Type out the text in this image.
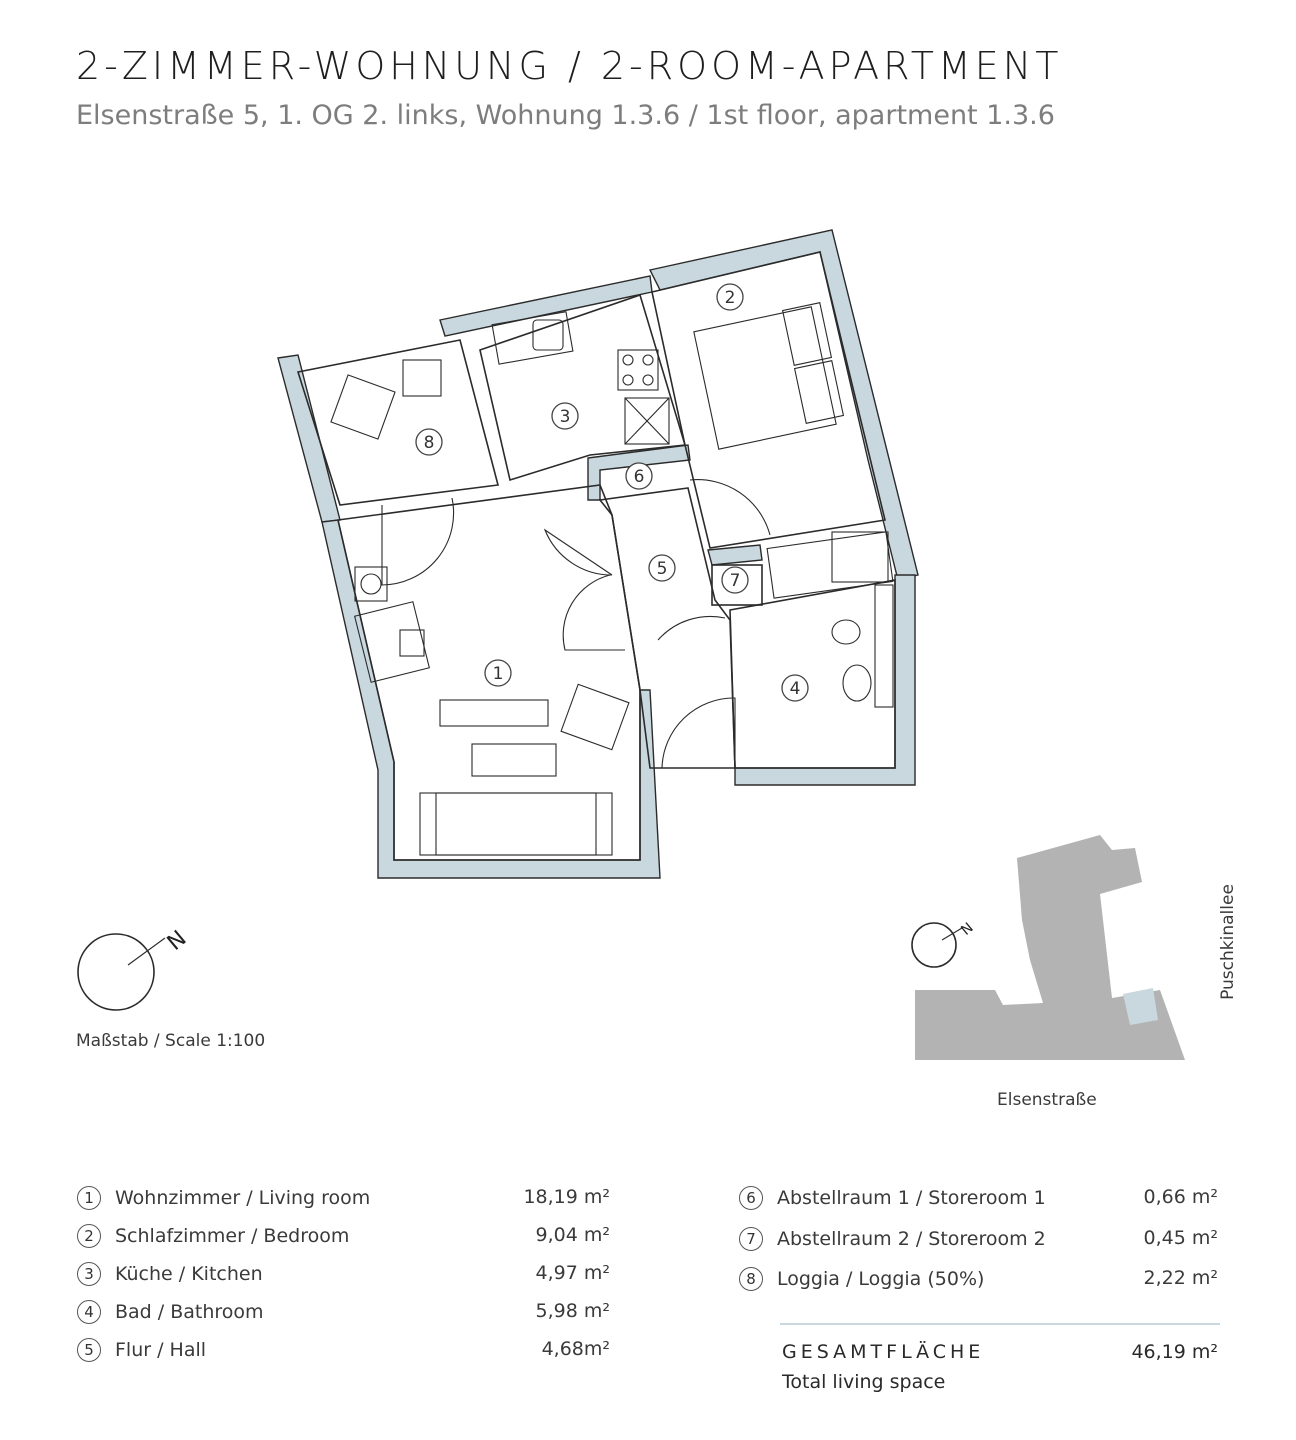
2-ZIMMER-WOHNUNG / 2-ROOM-APARTMENT
Elsenstraße 5, 1. OG 2. links, Wohnung 1.3.6 / 1st floor, apartment 1.3.6
1
2
3
4
5
6
7
8
N	N
Maßstab / Scale 1:100
Elsenstraße
Puschkinallee
1	Wohnzimmer / Living room	18,19 m²
2	Schlafzimmer / Bedroom	9,04 m²
3	Küche / Kitchen	4,97 m²
4	Bad / Bathroom	5,98 m²
5	Flur / Hall	4,68m²
6	Abstellraum 1 / Storeroom 1	0,66 m²
7	Abstellraum 2 / Storeroom 2	0,45 m²
8	Loggia / Loggia (50%)	2,22 m²
GESAMTFLÄCHE
Total living space
46,19 m²
